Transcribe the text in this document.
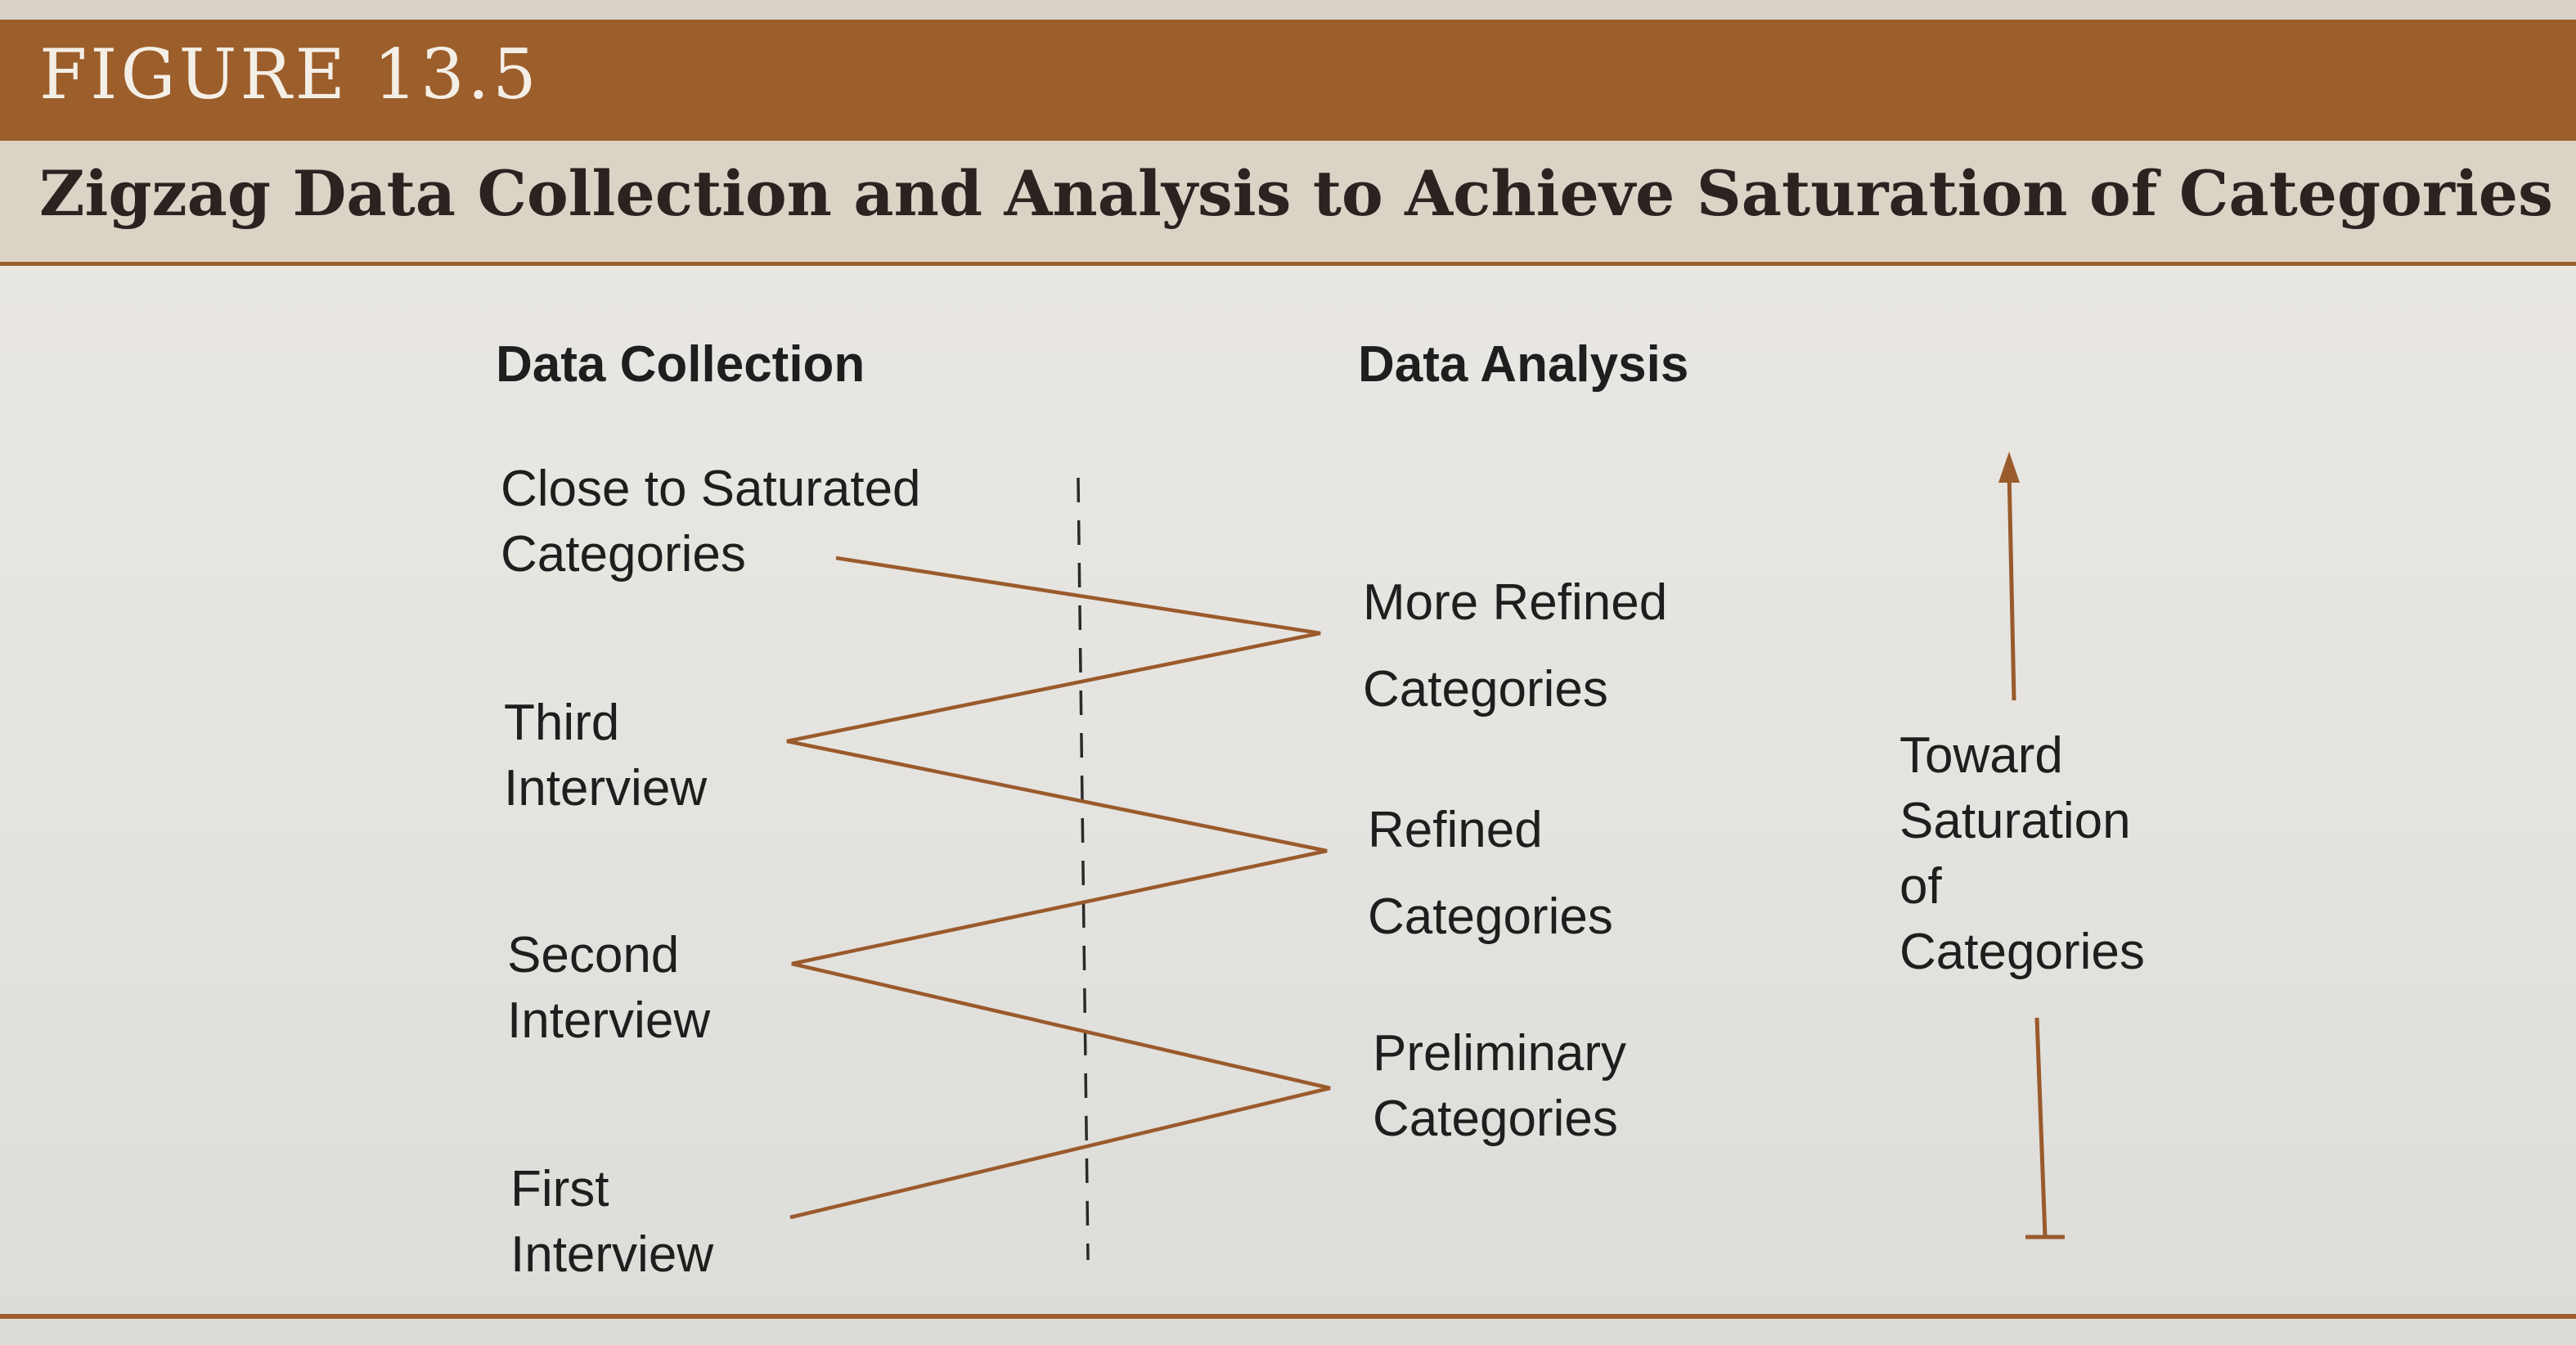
FIGURE 13.5
Zigzag Data Collection and Analysis to Achieve Saturation of Categories
Data Collection	Data Analysis
Close to Saturated
Categories
Third
Interview
Second
Interview
First
Interview
More Refined
Categories
Refined
Categories
Preliminary
Categories
Toward
Saturation
of
Categories
